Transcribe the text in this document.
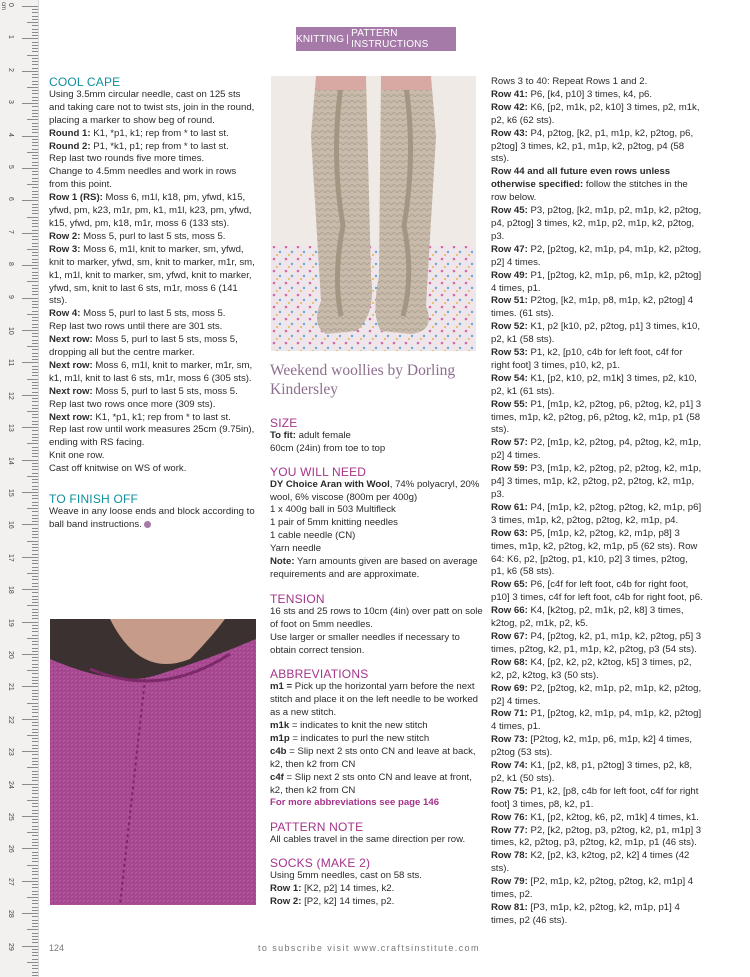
cm 0
1
2
3
4
5
6
7
8
9
10
11
12
13
14
15
16
17
18
19
20
21
22
23
24
25
26
27
28
29
KNITTING | PATTERN INSTRUCTIONS

COOL CAPE

Using 3.5mm circular needle, cast on 125 sts and taking care not to twist sts, join in the round, placing a marker to show beg of round.

Round 1: K1, *p1, k1; rep from * to last st.

Round 2: P1, *k1, p1; rep from * to last st.

Rep last two rounds five more times.

Change to 4.5mm needles and work in rows from this point.

Row 1 (RS): Moss 6, m1l, k18, pm, yfwd, k15, yfwd, pm, k23, m1r, pm, k1, m1l, k23, pm, yfwd, k15, yfwd, pm, k18, m1r, moss 6 (133 sts).

Row 2: Moss 5, purl to last 5 sts, moss 5.

Row 3: Moss 6, m1l, knit to marker, sm, yfwd, knit to marker, yfwd, sm, knit to marker, m1r, sm, k1, m1l, knit to marker, sm, yfwd, knit to marker, yfwd, sm, knit to last 6 sts, m1r, moss 6 (141 sts).

Row 4: Moss 5, purl to last 5 sts, moss 5.

Rep last two rows until there are 301 sts.

Next row: Moss 5, purl to last 5 sts, moss 5, dropping all but the centre marker.

Next row: Moss 6, m1l, knit to marker, m1r, sm, k1, m1l, knit to last 6 sts, m1r, moss 6 (305 sts).

Next row: Moss 5, purl to last 5 sts, moss 5.

Rep last two rows once more (309 sts).

Next row: K1, *p1, k1; rep from * to last st.

Rep last row until work measures 25cm (9.75in), ending with RS facing.

Knit one row.

Cast off knitwise on WS of work.

TO FINISH OFF

Weave in any loose ends and block according to ball band instructions.

Weekend woollies by Dorling Kindersley

SIZE

To fit: adult female

60cm (24in) from toe to top

YOU WILL NEED

DY Choice Aran with Wool, 74% polyacryl, 20% wool, 6% viscose (800m per 400g)

1 x 400g ball in 503 Multifleck

1 pair of 5mm knitting needles

1 cable needle (CN)

Yarn needle

Note: Yarn amounts given are based on average requirements and are approximate.

TENSION

16 sts and 25 rows to 10cm (4in) over patt on sole of foot on 5mm needles.

Use larger or smaller needles if necessary to obtain correct tension.

ABBREVIATIONS

m1 = Pick up the horizontal yarn before the next stitch and place it on the left needle to be worked as a new stitch.

m1k = indicates to knit the new stitch

m1p = indicates to purl the new stitch

c4b = Slip next 2 sts onto CN and leave at back, k2, then k2 from CN

c4f = Slip next 2 sts onto CN and leave at front, k2, then k2 from CN

For more abbreviations see page 146

PATTERN NOTE

All cables travel in the same direction per row.

SOCKS (MAKE 2)

Using 5mm needles, cast on 58 sts.

Row 1: [K2, p2] 14 times, k2.

Row 2: [P2, k2] 14 times, p2.

Rows 3 to 40: Repeat Rows 1 and 2.

Row 41: P6, [k4, p10] 3 times, k4, p6.

Row 42: K6, [p2, m1k, p2, k10] 3 times, p2, m1k, p2, k6 (62 sts).

Row 43: P4, p2tog, [k2, p1, m1p, k2, p2tog, p6, p2tog] 3 times, k2, p1, m1p, k2, p2tog, p4 (58 sts).

Row 44 and all future even rows unless otherwise specified: follow the stitches in the row below.

Row 45: P3, p2tog, [k2, m1p, p2, m1p, k2, p2tog, p4, p2tog] 3 times, k2, m1p, p2, m1p, k2, p2tog, p3.

Row 47: P2, [p2tog, k2, m1p, p4, m1p, k2, p2tog, p2] 4 times.

Row 49: P1, [p2tog, k2, m1p, p6, m1p, k2, p2tog] 4 times, p1.

Row 51: P2tog, [k2, m1p, p8, m1p, k2, p2tog] 4 times. (61 sts).

Row 52: K1, p2 [k10, p2, p2tog, p1] 3 times, k10, p2, k1 (58 sts).

Row 53: P1, k2, [p10, c4b for left foot, c4f for right foot] 3 times, p10, k2, p1.

Row 54: K1, [p2, k10, p2, m1k] 3 times, p2, k10, p2, k1 (61 sts).

Row 55: P1, [m1p, k2, p2tog, p6, p2tog, k2, p1] 3 times, m1p, k2, p2tog, p6, p2tog, k2, m1p, p1 (58 sts).

Row 57: P2, [m1p, k2, p2tog, p4, p2tog, k2, m1p, p2] 4 times.

Row 59: P3, [m1p, k2, p2tog, p2, p2tog, k2, m1p, p4] 3 times, m1p, k2, p2tog, p2, p2tog, k2, m1p, p3.

Row 61: P4, [m1p, k2, p2tog, p2tog, k2, m1p, p6] 3 times, m1p, k2, p2tog, p2tog, k2, m1p, p4.

Row 63: P5, [m1p, k2, p2tog, k2, m1p, p8] 3 times, m1p, k2, p2tog, k2, m1p, p5 (62 sts). Row 64: K6, p2, [p2tog, p1, k10, p2] 3 times, p2tog, p1, k6 (58 sts).

Row 65: P6, [c4f for left foot, c4b for right foot, p10] 3 times, c4f for left foot, c4b for right foot, p6.

Row 66: K4, [k2tog, p2, m1k, p2, k8] 3 times, k2tog, p2, m1k, p2, k5.

Row 67: P4, [p2tog, k2, p1, m1p, k2, p2tog, p5] 3 times, p2tog, k2, p1, m1p, k2, p2tog, p3 (54 sts).

Row 68: K4, [p2, k2, p2, k2tog, k5] 3 times, p2, k2, p2, k2tog, k3 (50 sts).

Row 69: P2, [p2tog, k2, m1p, p2, m1p, k2, p2tog, p2] 4 times.

Row 71: P1, [p2tog, k2, m1p, p4, m1p, k2, p2tog] 4 times, p1.

Row 73: [P2tog, k2, m1p, p6, m1p, k2] 4 times, p2tog (53 sts).

Row 74: K1, [p2, k8, p1, p2tog] 3 times, p2, k8, p2, k1 (50 sts).

Row 75: P1, k2, [p8, c4b for left foot, c4f for right foot] 3 times, p8, k2, p1.

Row 76: K1, [p2, k2tog, k6, p2, m1k] 4 times, k1.

Row 77: P2, [k2, p2tog, p3, p2tog, k2, p1, m1p] 3 times, k2, p2tog, p3, p2tog, k2, m1p, p1 (46 sts).

Row 78: K2, [p2, k3, k2tog, p2, k2] 4 times (42 sts).

Row 79: [P2, m1p, k2, p2tog, p2tog, k2, m1p] 4 times, p2.

Row 81: [P3, m1p, k2, p2tog, k2, m1p, p1] 4 times, p2 (46 sts).

124	to subscribe visit www.craftsinstitute.com
